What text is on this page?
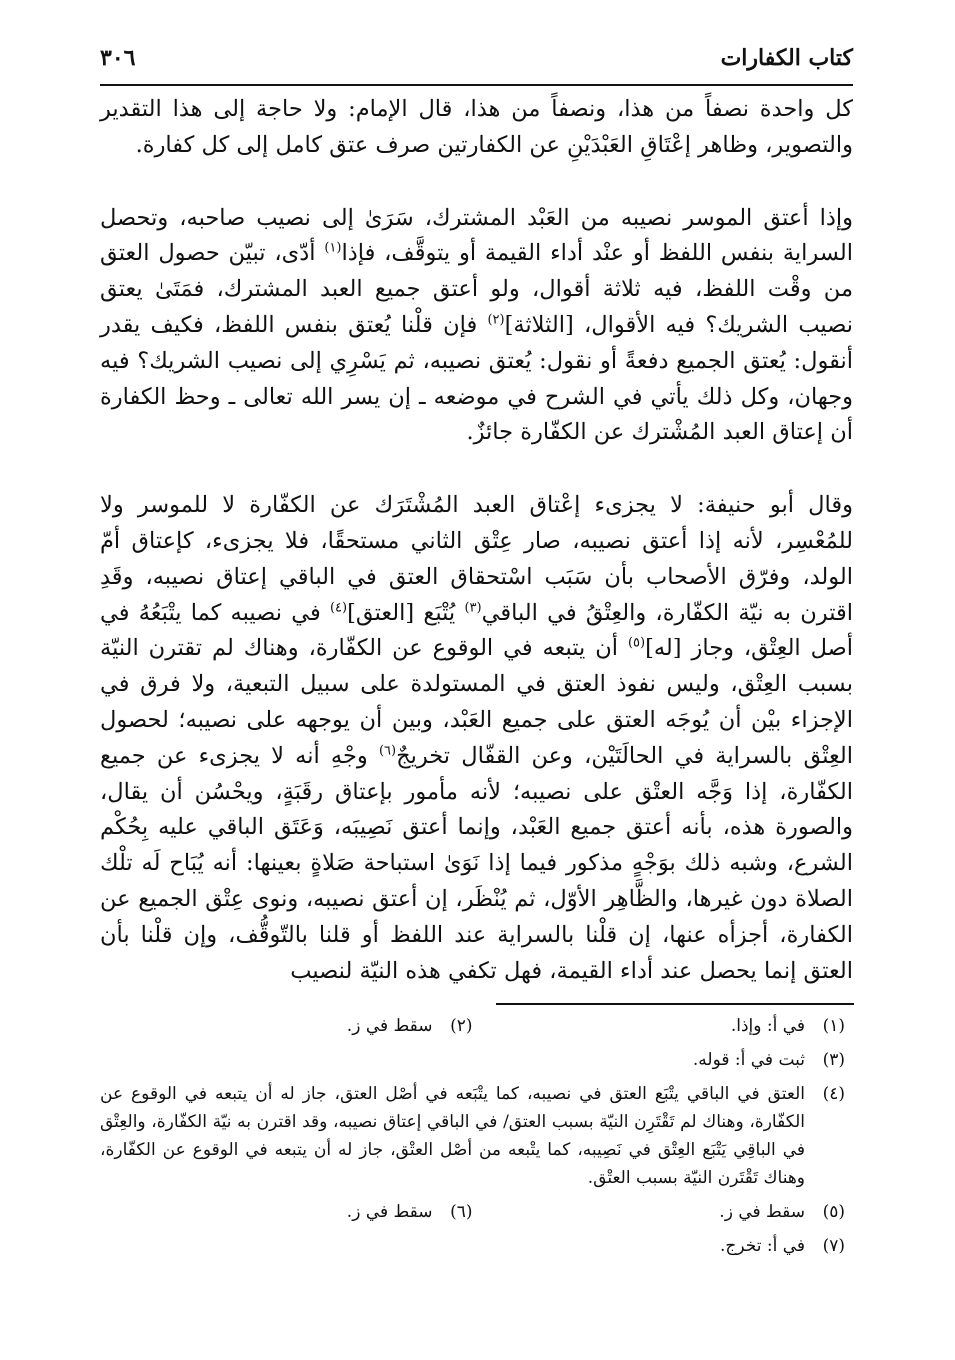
كتاب الكفارات
٣٠٦

كل واحدة نصفاً من هذا، ونصفاً من هذا، قال الإمام: ولا حاجة إلى هذا التقدير والتصوير، وظاهر إعْتَاقِ العَبْدَيْنِ عن الكفارتين صرف عتق كامل إلى كل كفارة.

وإذا أعتق الموسر نصيبه من العَبْد المشترك، سَرَىٰ إلى نصيب صاحبه، وتحصل السراية بنفس اللفظ أو عنْد أداء القيمة أو يتوقَّف، فإذا$^{(١)}$ أدّى، تبيّن حصول العتق من وقْت اللفظ، فيه ثلاثة أقوال، ولو أعتق جميع العبد المشترك، فمَتَىٰ يعتق نصيب الشريك؟ فيه الأقوال، [الثلاثة]$^{(٢)}$ فإن قلْنا يُعتق بنفس اللفظ، فكيف يقدر أنقول: يُعتق الجميع دفعةً أو نقول: يُعتق نصيبه، ثم يَسْرِي إلى نصيب الشريك؟ فيه وجهان، وكل ذلك يأتي في الشرح في موضعه ـ إن يسر الله تعالى ـ وحظ الكفارة أن إعتاق العبد المُشْترك عن الكفّارة جائزٌ.

وقال أبو حنيفة: لا يجزىء إعْتاق العبد المُشْتَرَك عن الكفّارة لا للموسر ولا للمُعْسِر، لأنه إذا أعتق نصيبه، صار عِتْق الثاني مستحقًا، فلا يجزىء، كإعتاق أمّ الولد، وفرّق الأصحاب بأن سَبَب اسْتحقاق العتق في الباقي إعتاق نصيبه، وقَدِ اقترن به نيّة الكفّارة، والعِتْقُ في الباقي$^{(٣)}$ يُتْبَع [العتق]$^{(٤)}$ في نصيبه كما يتْبَعُهُ في أصل العِتْق، وجاز [له]$^{(٥)}$ أن يتبعه في الوقوع عن الكفّارة، وهناك لم تقترن النيّة بسبب العِتْق، وليس نفوذ العتق في المستولدة على سبيل التبعية، ولا فرق في الإجزاء بيْن أن يُوجَه العتق على جميع العَبْد، وبين أن يوجهه على نصيبه؛ لحصول العِتْق بالسراية في الحالَتَيْن، وعن القفّال تخريجٌ$^{(٦)}$ وجْهِ أنه لا يجزىء عن جميع الكفّارة، إذا وَجَّه العتْق على نصيبه؛ لأنه مأمور بإعتاق رقَبَةٍ، ويحْسُن أن يقال، والصورة هذه، بأنه أعتق جميع العَبْد، وإنما أعتق نَصِيبَه، وَعَتَق الباقي عليه بِحُكْم الشرع، وشبه ذلك بوَجْهٍ مذكور فيما إذا نَوَىٰ استباحة صَلاةٍ بعينها: أنه يُبَاح لَه تلْك الصلاة دون غيرها، والظَّاهِر الأوّل، ثم يُنْظَر، إن أعتق نصيبه، ونوى عِتْق الجميع عن الكفارة، أجزأه عنها، إن قلْنا بالسراية عند اللفظ أو قلنا بالتّوقُّف، وإن قلْنا بأن العتق إنما يحصل عند أداء القيمة، فهل تكفي هذه النيّة لنصيب

(١)
في أ: وإذا.
(٢)
سقط في ز.
(٣)
ثبت في أ: قوله.
(٤)
العتق في الباقي يتْبَع العتق في نصيبه، كما يتْبَعه في أصْل العتق، جاز له أن يتبعه في الوقوع عن الكفّارة، وهناك لم تَقْتَرِن النيّة بسبب العتق/ في الباقي إعتاق نصيبه، وقد اقترن به نيّة الكفّارة، والعِتْق في الباقِي يَتْبَع العِتْق في نَصِيبه، كما يتْبعه من أصْل العتْق، جاز له أن يتبعه في الوقوع عن الكفّارة، وهناك تَقْتَرن النيّة بسبب العتْق.
(٥)
سقط في ز.
(٦)
سقط في ز.
(٧)
في أ: تخرج.
